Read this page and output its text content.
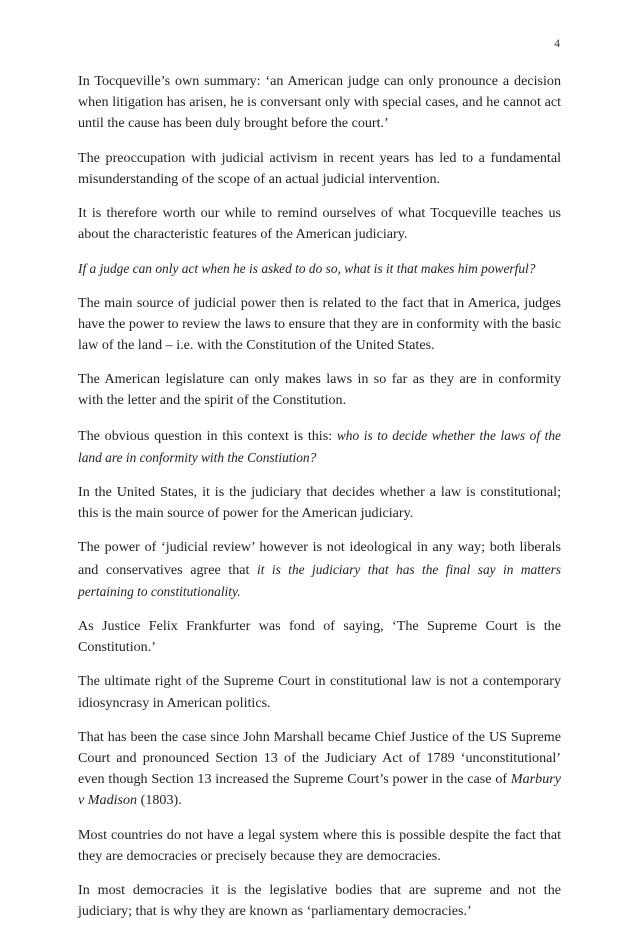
4

In Tocqueville’s own summary: ‘an American judge can only pronounce a decision when litigation has arisen, he is conversant only with special cases, and he cannot act until the cause has been duly brought before the court.’

The preoccupation with judicial activism in recent years has led to a fundamental misunderstanding of the scope of an actual judicial intervention.

It is therefore worth our while to remind ourselves of what Tocqueville teaches us about the characteristic features of the American judiciary.

If a judge can only act when he is asked to do so, what is it that makes him powerful?

The main source of judicial power then is related to the fact that in America, judges have the power to review the laws to ensure that they are in conformity with the basic law of the land – i.e. with the Constitution of the United States.

The American legislature can only makes laws in so far as they are in conformity with the letter and the spirit of the Constitution.

The obvious question in this context is this: who is to decide whether the laws of the land are in conformity with the Constiution?

In the United States, it is the judiciary that decides whether a law is constitutional; this is the main source of power for the American judiciary.

The power of ‘judicial review’ however is not ideological in any way; both liberals and conservatives agree that it is the judiciary that has the final say in matters pertaining to constitutionality.

As Justice Felix Frankfurter was fond of saying, ‘The Supreme Court is the Constitution.’

The ultimate right of the Supreme Court in constitutional law is not a contemporary idiosyncrasy in American politics.

That has been the case since John Marshall became Chief Justice of the US Supreme Court and pronounced Section 13 of the Judiciary Act of 1789 ‘unconstitutional’ even though Section 13 increased the Supreme Court’s power in the case of Marbury v Madison (1803).

Most countries do not have a legal system where this is possible despite the fact that they are democracies or precisely because they are democracies.

In most democracies it is the legislative bodies that are supreme and not the judiciary; that is why they are known as ‘parliamentary democracies.’
